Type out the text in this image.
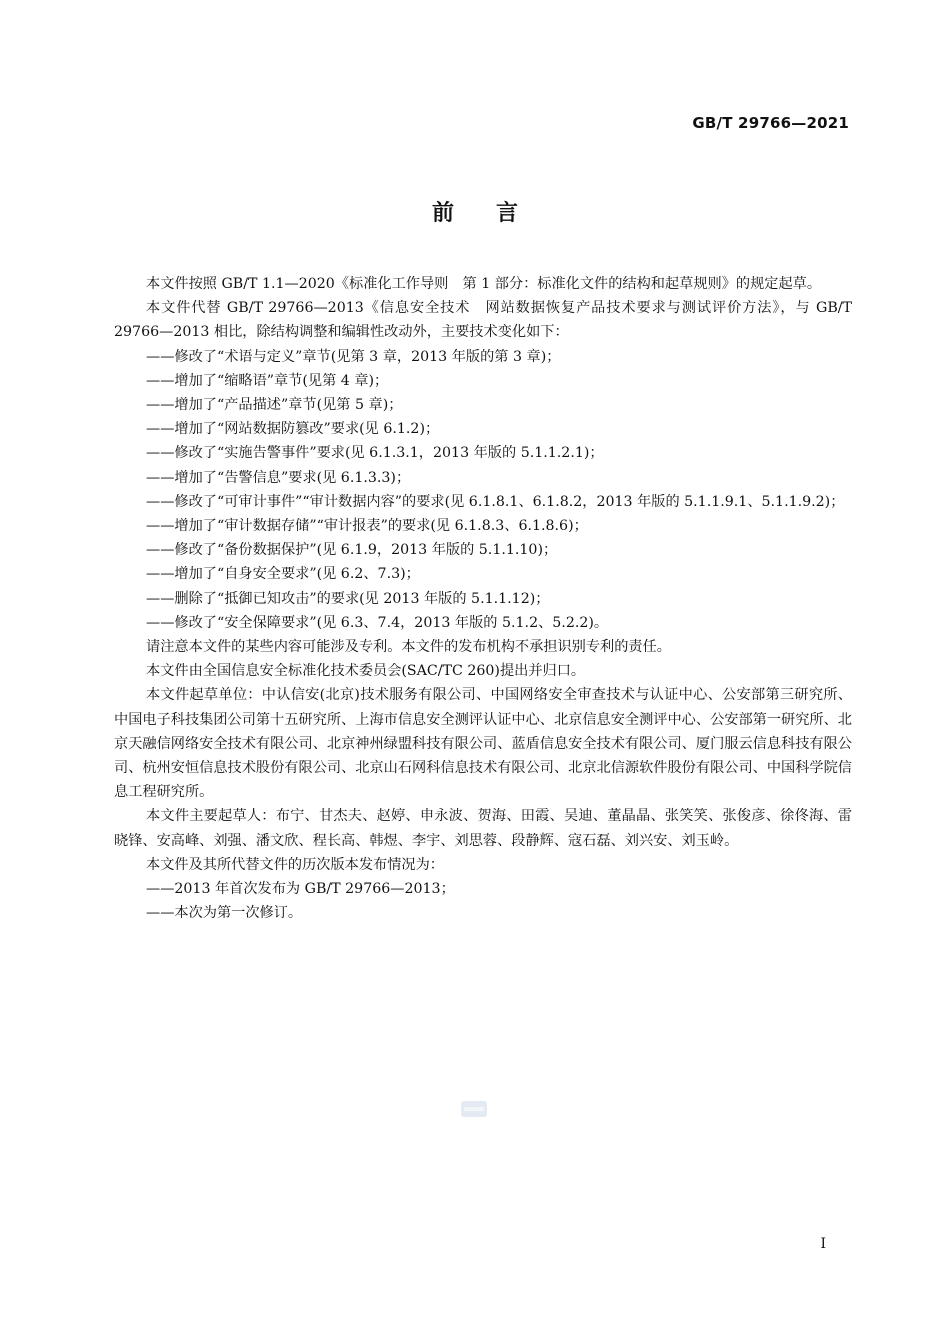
GB/T 29766—2021
前言

本文件按照 GB/T 1.1—2020《标准化工作导则　第 1 部分：标准化文件的结构和起草规则》的规定起草。

本文件代替 GB/T 29766—2013《信息安全技术　网站数据恢复产品技术要求与测试评价方法》，与 GB/T 29766—2013 相比，除结构调整和编辑性改动外，主要技术变化如下：

——修改了“术语与定义”章节(见第 3 章，2013 年版的第 3 章)；

——增加了“缩略语”章节(见第 4 章)；

——增加了“产品描述”章节(见第 5 章)；

——增加了“网站数据防篡改”要求(见 6.1.2)；

——修改了“实施告警事件”要求(见 6.1.3.1，2013 年版的 5.1.1.2.1)；

——增加了“告警信息”要求(见 6.1.3.3)；

——修改了“可审计事件”“审计数据内容”的要求(见 6.1.8.1、6.1.8.2，2013 年版的 5.1.1.9.1、5.1.1.9.2)；

——增加了“审计数据存储”“审计报表”的要求(见 6.1.8.3、6.1.8.6)；

——修改了“备份数据保护”(见 6.1.9，2013 年版的 5.1.1.10)；

——增加了“自身安全要求”(见 6.2、7.3)；

——删除了“抵御已知攻击”的要求(见 2013 年版的 5.1.1.12)；

——修改了“安全保障要求”(见 6.3、7.4，2013 年版的 5.1.2、5.2.2)。

请注意本文件的某些内容可能涉及专利。本文件的发布机构不承担识别专利的责任。

本文件由全国信息安全标准化技术委员会(SAC/TC 260)提出并归口。

本文件起草单位：中认信安(北京)技术服务有限公司、中国网络安全审查技术与认证中心、公安部第三研究所、中国电子科技集团公司第十五研究所、上海市信息安全测评认证中心、北京信息安全测评中心、公安部第一研究所、北京天融信网络安全技术有限公司、北京神州绿盟科技有限公司、蓝盾信息安全技术有限公司、厦门服云信息科技有限公司、杭州安恒信息技术股份有限公司、北京山石网科信息技术有限公司、北京北信源软件股份有限公司、中国科学院信息工程研究所。

本文件主要起草人：布宁、甘杰夫、赵婷、申永波、贺海、田霞、吴迪、董晶晶、张笑笑、张俊彦、徐佟海、雷晓锋、安高峰、刘强、潘文欣、程长高、韩煜、李宇、刘思蓉、段静辉、寇石磊、刘兴安、刘玉岭。

本文件及其所代替文件的历次版本发布情况为：

——2013 年首次发布为 GB/T 29766—2013；

——本次为第一次修订。

I
